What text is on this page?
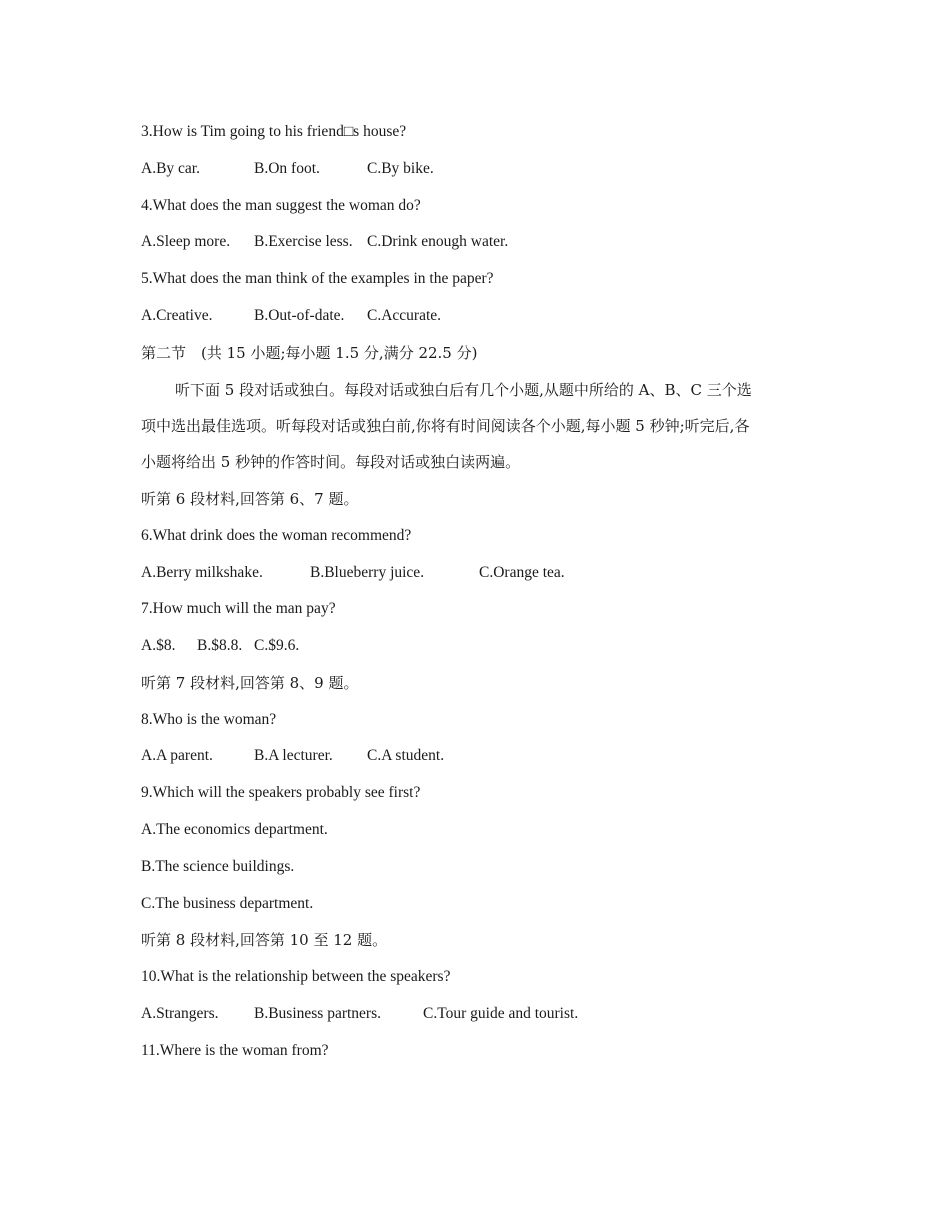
3.How is Tim going to his friend□s house?
A.By car.	B.On foot.	C.By bike.
4.What does the man suggest the woman do?
A.Sleep more. B.Exercise less. C.Drink enough water.
5.What does the man think of the examples in the paper?
A.Creative.	B.Out-of-date. C.Accurate.
第二节　(共 15 小题;每小题 1.5 分,满分 22.5 分)
听下面 5 段对话或独白。每段对话或独白后有几个小题,从题中所给的 A、B、C 三个选
项中选出最佳选项。听每段对话或独白前,你将有时间阅读各个小题,每小题 5 秒钟;听完后,各
小题将给出 5 秒钟的作答时间。每段对话或独白读两遍。
听第 6 段材料,回答第 6、7 题。
6.What drink does the woman recommend?
A.Berry milkshake.	B.Blueberry juice.	C.Orange tea.
7.How much will the man pay?
A.$8. B.$8.8. C.$9.6.
听第 7 段材料,回答第 8、9 题。
8.Who is the woman?
A.A parent.	B.A lecturer. C.A student.
9.Which will the speakers probably see first?
A.The economics department.
B.The science buildings.
C.The business department.
听第 8 段材料,回答第 10 至 12 题。
10.What is the relationship between the speakers?
A.Strangers. B.Business partners.	C.Tour guide and tourist.
11.Where is the woman from?
